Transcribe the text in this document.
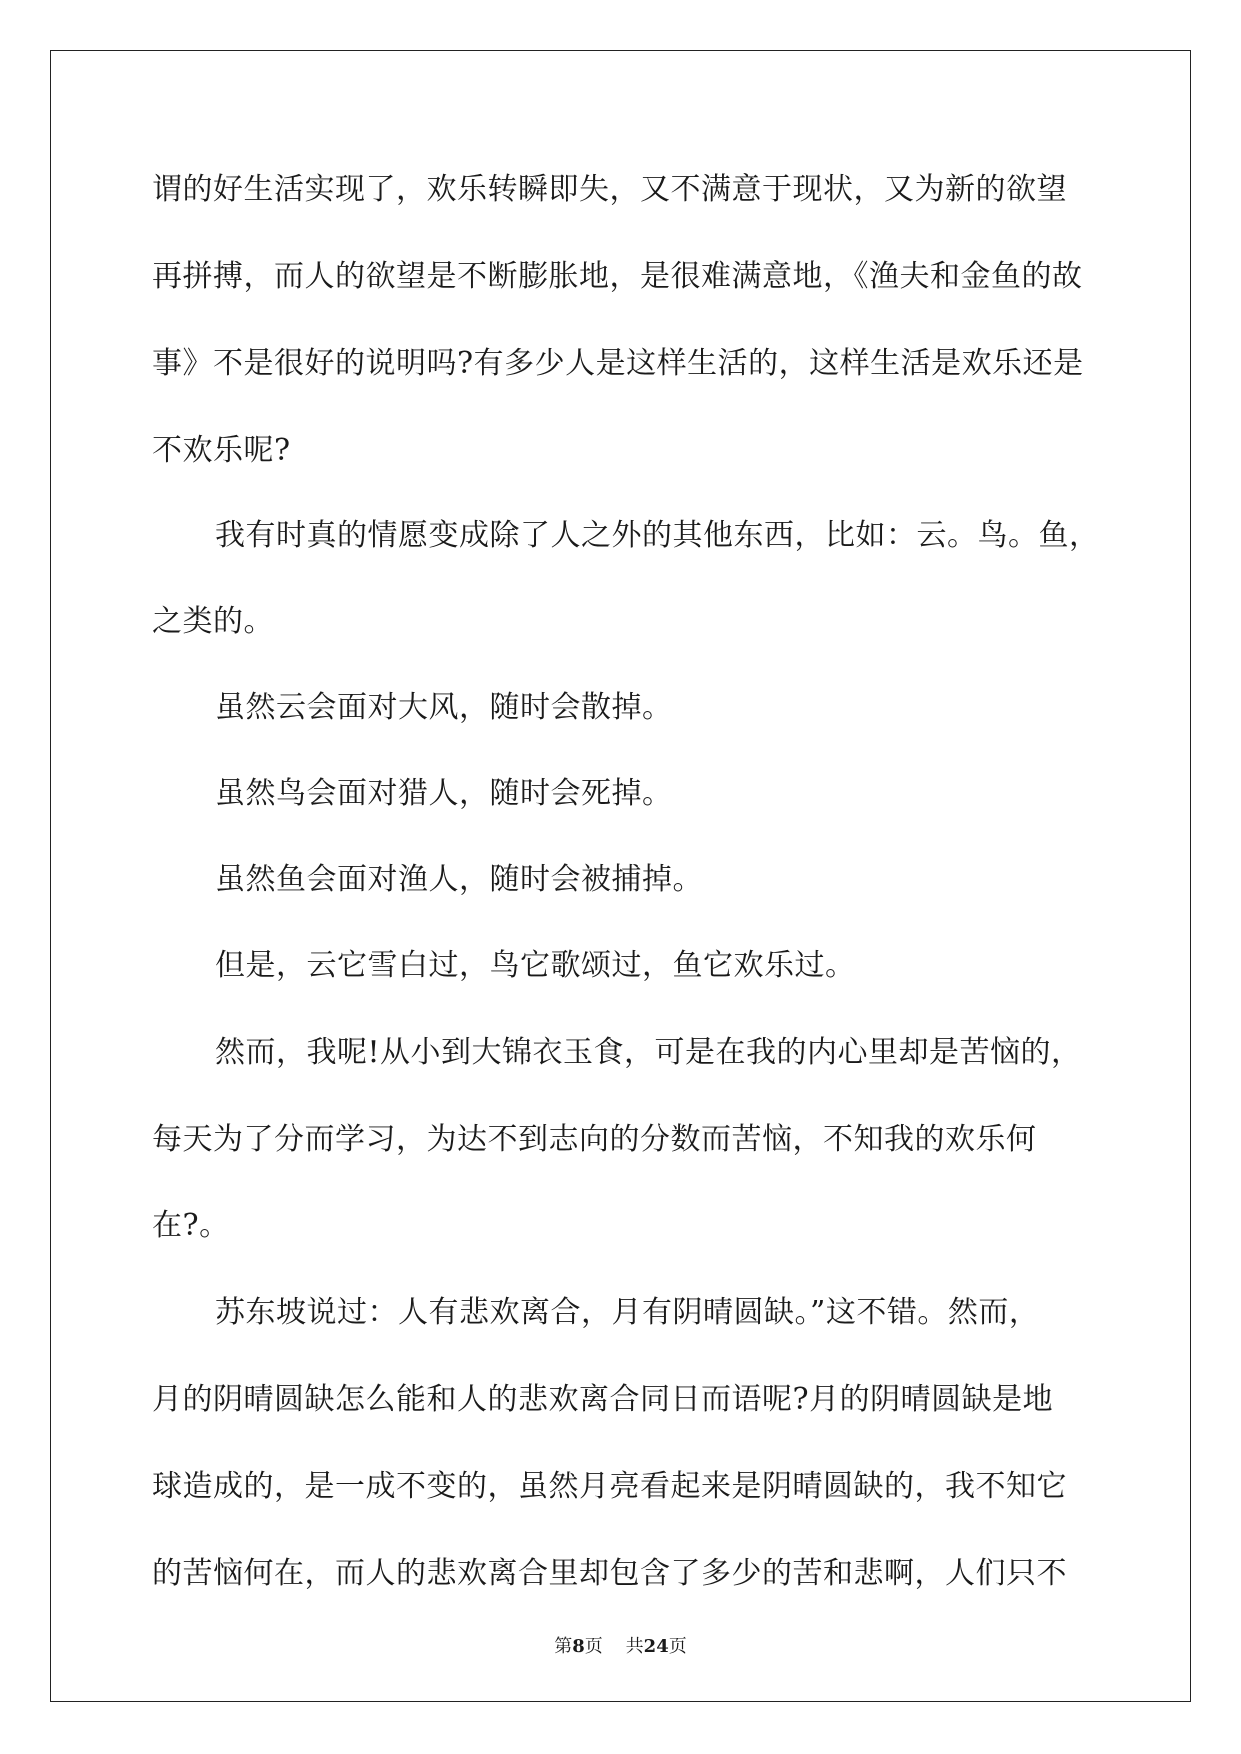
谓的好生活实现了，欢乐转瞬即失，又不满意于现状，又为新的欲望
再拼搏，而人的欲望是不断膨胀地，是很难满意地，《渔夫和金鱼的故
事》不是很好的说明吗?有多少人是这样生活的，这样生活是欢乐还是
不欢乐呢?
我有时真的情愿变成除了人之外的其他东西，比如：云。鸟。鱼，
之类的。
虽然云会面对大风，随时会散掉。
虽然鸟会面对猎人，随时会死掉。
虽然鱼会面对渔人，随时会被捕掉。
但是，云它雪白过，鸟它歌颂过，鱼它欢乐过。
然而，我呢!从小到大锦衣玉食，可是在我的内心里却是苦恼的，
每天为了分而学习，为达不到志向的分数而苦恼，不知我的欢乐何
在?。
苏东坡说过：人有悲欢离合，月有阴晴圆缺。”这不错。然而，
月的阴晴圆缺怎么能和人的悲欢离合同日而语呢?月的阴晴圆缺是地
球造成的，是一成不变的，虽然月亮看起来是阴晴圆缺的，我不知它
的苦恼何在，而人的悲欢离合里却包含了多少的苦和悲啊，人们只不
第8页 共24页
